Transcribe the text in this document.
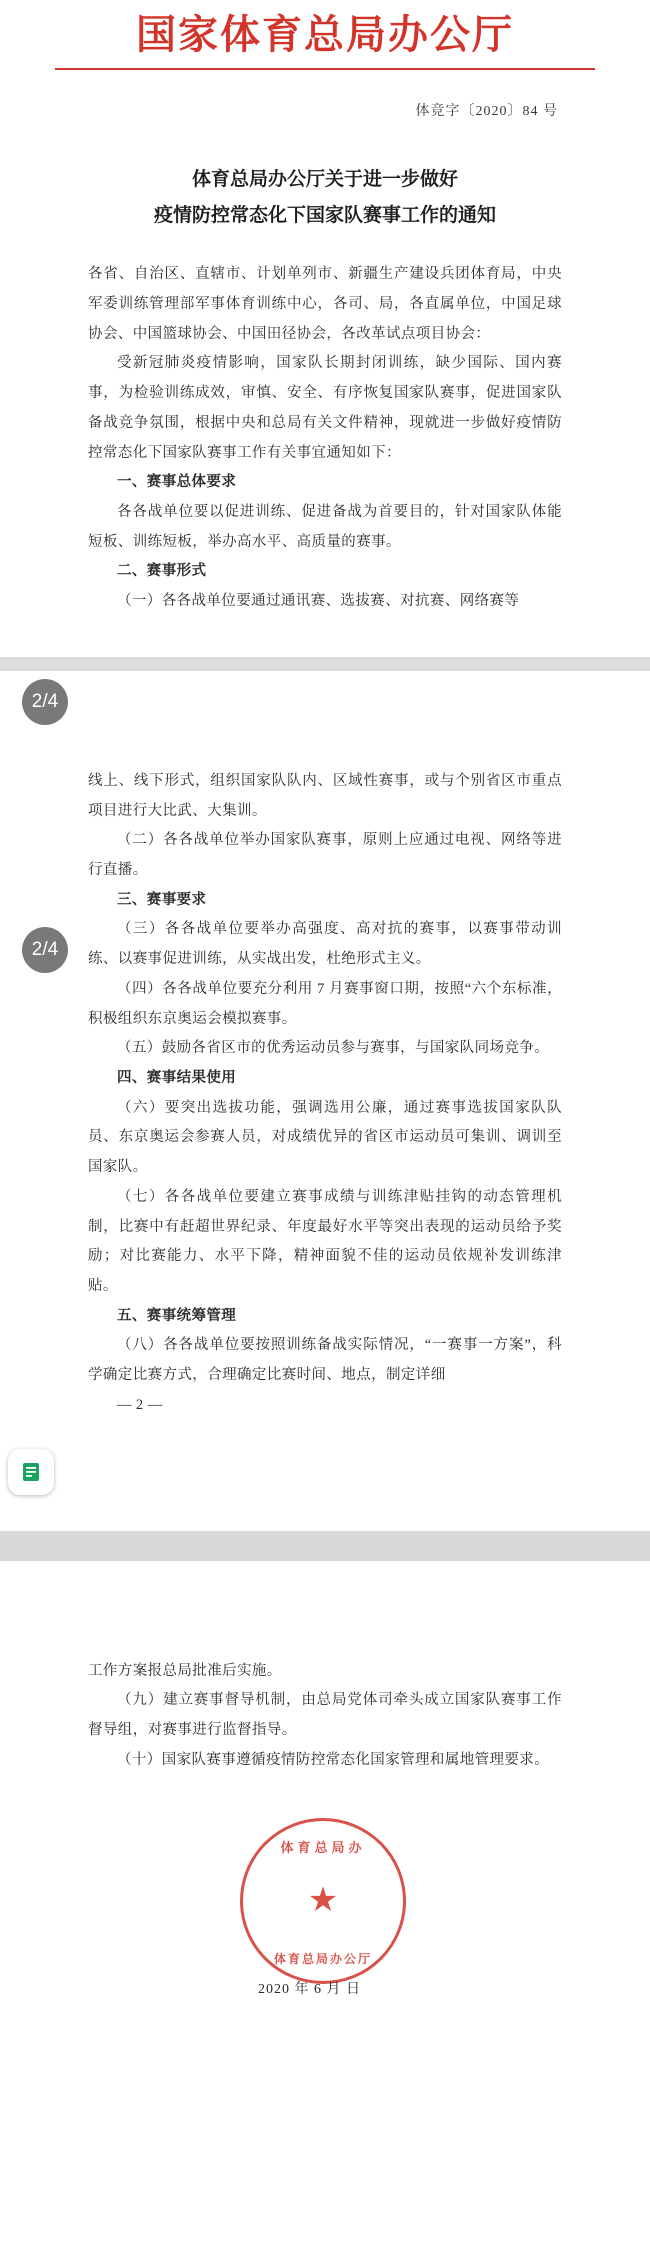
国家体育总局办公厅
体竞字〔2020〕84 号
体育总局办公厅关于进一步做好
疫情防控常态化下国家队赛事工作的通知

各省、自治区、直辖市、计划单列市、新疆生产建设兵团体育局，中央军委训练管理部军事体育训练中心，各司、局，各直属单位，中国足球协会、中国篮球协会、中国田径协会，各改革试点项目协会：

受新冠肺炎疫情影响，国家队长期封闭训练，缺少国际、国内赛事，为检验训练成效，审慎、安全、有序恢复国家队赛事，促进国家队备战竞争氛围，根据中央和总局有关文件精神，现就进一步做好疫情防控常态化下国家队赛事工作有关事宜通知如下：

一、赛事总体要求

各各战单位要以促进训练、促进备战为首要目的，针对国家队体能短板、训练短板，举办高水平、高质量的赛事。

二、赛事形式

（一）各各战单位要通过通讯赛、选拔赛、对抗赛、网络赛等

2/4
2/4

线上、线下形式，组织国家队队内、区域性赛事，或与个别省区市重点项目进行大比武、大集训。

（二）各各战单位举办国家队赛事，原则上应通过电视、网络等进行直播。

三、赛事要求

（三）各各战单位要举办高强度、高对抗的赛事，以赛事带动训练、以赛事促进训练，从实战出发，杜绝形式主义。

（四）各各战单位要充分利用 7 月赛事窗口期，按照“六个东标准，积极组织东京奥运会模拟赛事。

（五）鼓励各省区市的优秀运动员参与赛事，与国家队同场竞争。

四、赛事结果使用

（六）要突出选拔功能，强调选用公廉，通过赛事选拔国家队队员、东京奥运会参赛人员，对成绩优异的省区市运动员可集训、调训至国家队。

（七）各各战单位要建立赛事成绩与训练津贴挂钩的动态管理机制，比赛中有赶超世界纪录、年度最好水平等突出表现的运动员给予奖励；对比赛能力、水平下降，精神面貌不佳的运动员依规补发训练津贴。

五、赛事统筹管理

（八）各各战单位要按照训练备战实际情况，“一赛事一方案”，科学确定比赛方式，合理确定比赛时间、地点，制定详细

— 2 —

工作方案报总局批准后实施。

（九）建立赛事督导机制，由总局党体司牵头成立国家队赛事工作督导组，对赛事进行监督指导。

（十）国家队赛事遵循疫情防控常态化国家管理和属地管理要求。

体育总局办
★
体育总局办公厅
2020 年 6 月 日
